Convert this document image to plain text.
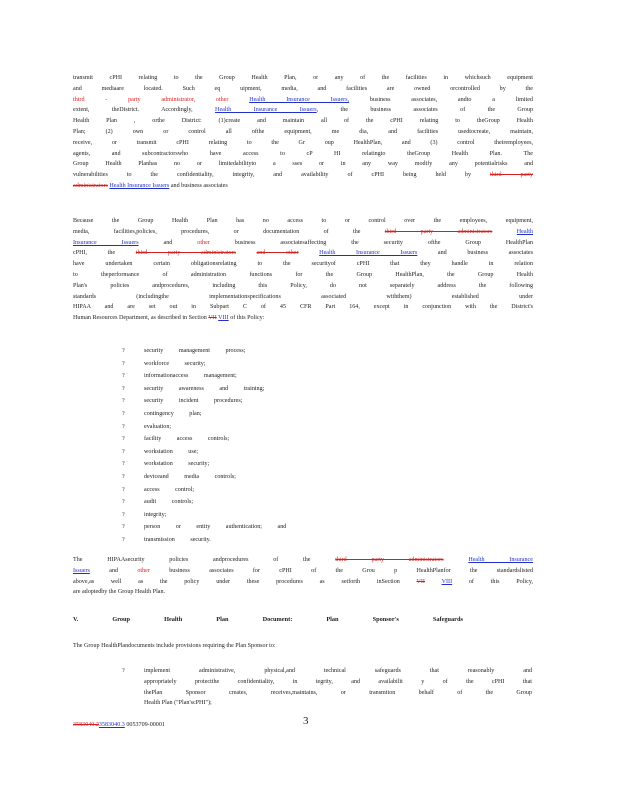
transmit cPHI relating to the Group Health Plan, or any of the facilities in whichsuch equipment
and mediaare located. Such eq uipment, media, and facilities are owned orcontrolled by the
third - party administrator,	other	Health Insurance Issuers, business associates, andto a limited
extent, theDistrict. Accordingly, Health Insurance Issuers, the business associates of the Group
Health Plan , orthe District: (1)create and maintain all of the cPHI relating to theGroup Health
Plan; (2) own or control all ofthe equipment, me dia, and facilities usedtocreate, maintain,
receive, or transmit cPHI relating to the Gr oup HealthPlan, and (3) control theiremployees,
agents, and subcontractorswho have access to cP HI relatingto theGroup Health Plan. The
Group Health Planhas no or limitedabilityto a sses or in any way modify any potentialrisks and
vulnerabilities to the confidentiality, integrity, and availability of cPHI being held by third party
administrators Health Insurance Issuers and business associates
Because the Group Health Plan has no access to or control over the employees, equipment,
media, facilities,policies, procedures, or documentation of the third party administrators	Health
Insurance Issuers and other business associatesaffecting the security ofthe Group HealthPlan
cPHI, the third party administrators	and other	Health Insurance Issuers and business associates
have undertaken certain obligationsrelating to the securityof cPHI that they handle in relation
to theperformance of administration functions for the Group HealthPlan, the Group Health
Plan's policies andprocedures, including this Policy, do not separately address the following
standards (includingthe implementationspecifications associated withthem) established under
HIPAA and are set out in Subpart C of 45 CFR Part 164, except in conjunction with the District's
Human Resources Department, as described in Section VII VIII of this Policy:
?	security management process;
?	workforce security;
?	informationaccess management;
?	security awareness and training;
?	security incident procedures;
?	contingency plan;
?	evaluation;
?	facility access controls;
?	workstation use;
?	workstation security;
?	deviceand media controls;
?	access control;
?	audit controls;
?	integrity;
?	person or entity authentication; and
?	transmission security.
The HIPAAsecurity policies andprocedures of the third party administrators	Health Insurance
Issuers and other business associates for cPHI of the Grou p HealthPlanfor the standardslisted
above,as well as the policy under these procedures as setforth inSection VII	VIII of this Policy,
are adoptedby the Group Health Plan.
V.	Group	Health	Plan	Document:	Plan	Sponsor's	Safeguards
The Group HealthPlandocuments include provisions requiring the Plan Sponsor to:
?	implement administrative, physical,and technical safeguards that reasonably and
appropriately protectthe confidentiality, in tegrity, and availabilit y of the cPHI that
thePlan Sponsor creates, receives,maintains, or transmiton behalf of the Group
Health Plan ("Plan'scPHI");
3583040.23583040.3 0053709-00001	3
